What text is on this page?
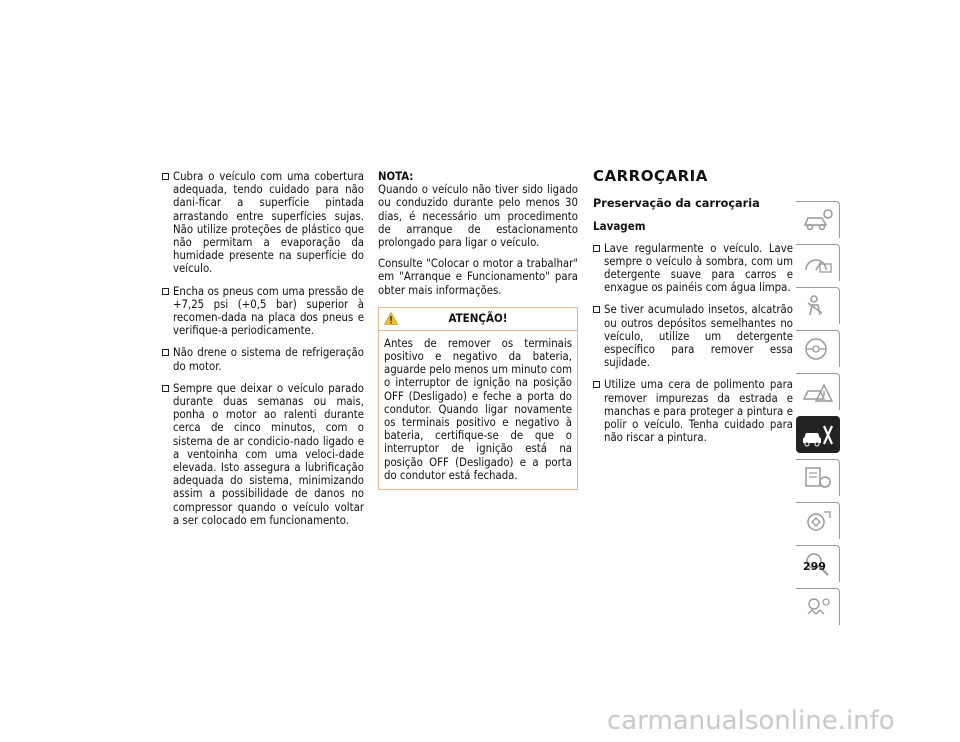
Cubra o veículo com uma cobertura adequada, tendo cuidado para não dani-ficar a superfície pintada arrastando entre superfícies sujas. Não utilize proteções de plástico que não permitam a evaporação da humidade presente na superfície do veículo.
Encha os pneus com uma pressão de +7,25 psi (+0,5 bar) superior à recomen-dada na placa dos pneus e verifique-a periodicamente.
Não drene o sistema de refrigeração do motor.
Sempre que deixar o veículo parado durante duas semanas ou mais, ponha o motor ao ralenti durante cerca de cinco minutos, com o sistema de ar condicio-nado ligado e a ventoinha com uma veloci-dade elevada. Isto assegura a lubrificação adequada do sistema, minimizando assim a possibilidade de danos no compressor quando o veículo voltar a ser colocado em funcionamento.

NOTA:

Quando o veículo não tiver sido ligado ou conduzido durante pelo menos 30 dias, é necessário um procedimento de arranque de estacionamento prolongado para ligar o veículo.

Consulte "Colocar o motor a trabalhar" em "Arranque e Funcionamento" para obter mais informações.

ATENÇÃO!
Antes de remover os terminais positivo e negativo da bateria, aguarde pelo menos um minuto com o interruptor de ignição na posição OFF (Desligado) e feche a porta do condutor. Quando ligar novamente os terminais positivo e negativo à bateria, certifique-se de que o interruptor de ignição está na posição OFF (Desligado) e a porta do condutor está fechada.
CARROÇARIA
Preservação da carroçaria
Lavagem
Lave regularmente o veículo. Lave sempre o veículo à sombra, com um detergente suave para carros e enxague os painéis com água limpa.
Se tiver acumulado insetos, alcatrão ou outros depósitos semelhantes no veículo, utilize um detergente específico para remover essa sujidade.
Utilize uma cera de polimento para remover impurezas da estrada e manchas e para proteger a pintura e polir o veículo. Tenha cuidado para não riscar a pintura.
299
carmanualsonline.info
